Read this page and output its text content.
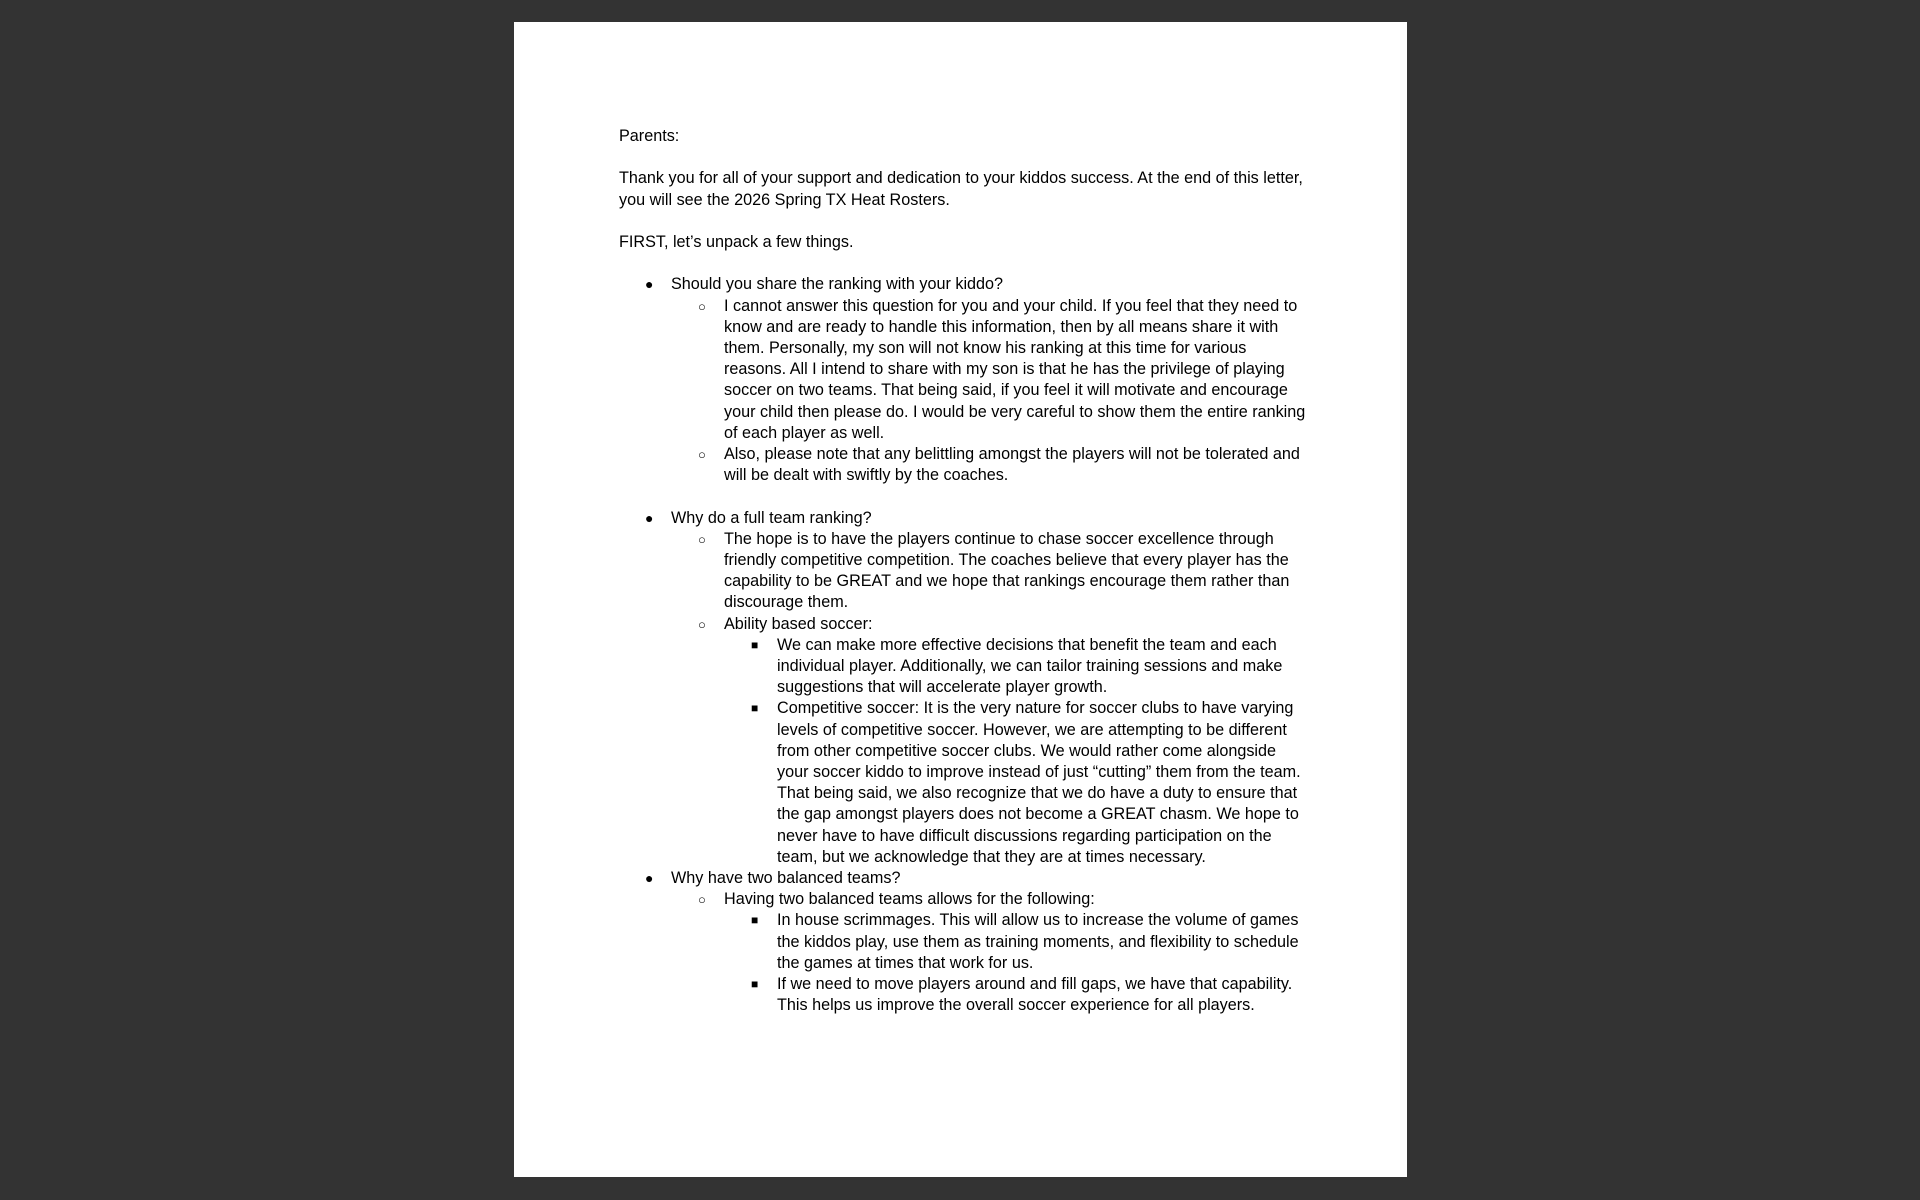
Parents:

Thank you for all of your support and dedication to your kiddos success. At the end of this letter, you will see the 2026 Spring TX Heat Rosters.

FIRST, let’s unpack a few things.

● Should you share the ranking with your kiddo?
○ I cannot answer this question for you and your child. If you feel that they need to know and are ready to handle this information, then by all means share it with them. Personally, my son will not know his ranking at this time for various reasons. All I intend to share with my son is that he has the privilege of playing soccer on two teams. That being said, if you feel it will motivate and encourage your child then please do. I would be very careful to show them the entire ranking of each player as well.
○ Also, please note that any belittling amongst the players will not be tolerated and will be dealt with swiftly by the coaches.
● Why do a full team ranking?
○ The hope is to have the players continue to chase soccer excellence through friendly competitive competition. The coaches believe that every player has the capability to be GREAT and we hope that rankings encourage them rather than discourage them.
○ Ability based soccer:
■ We can make more effective decisions that benefit the team and each individual player. Additionally, we can tailor training sessions and make suggestions that will accelerate player growth.
■ Competitive soccer: It is the very nature for soccer clubs to have varying levels of competitive soccer. However, we are attempting to be different from other competitive soccer clubs. We would rather come alongside your soccer kiddo to improve instead of just “cutting” them from the team. That being said, we also recognize that we do have a duty to ensure that the gap amongst players does not become a GREAT chasm. We hope to never have to have difficult discussions regarding participation on the team, but we acknowledge that they are at times necessary.
● Why have two balanced teams?
○ Having two balanced teams allows for the following:
■ In house scrimmages. This will allow us to increase the volume of games the kiddos play, use them as training moments, and flexibility to schedule the games at times that work for us.
■ If we need to move players around and fill gaps, we have that capability. This helps us improve the overall soccer experience for all players.
